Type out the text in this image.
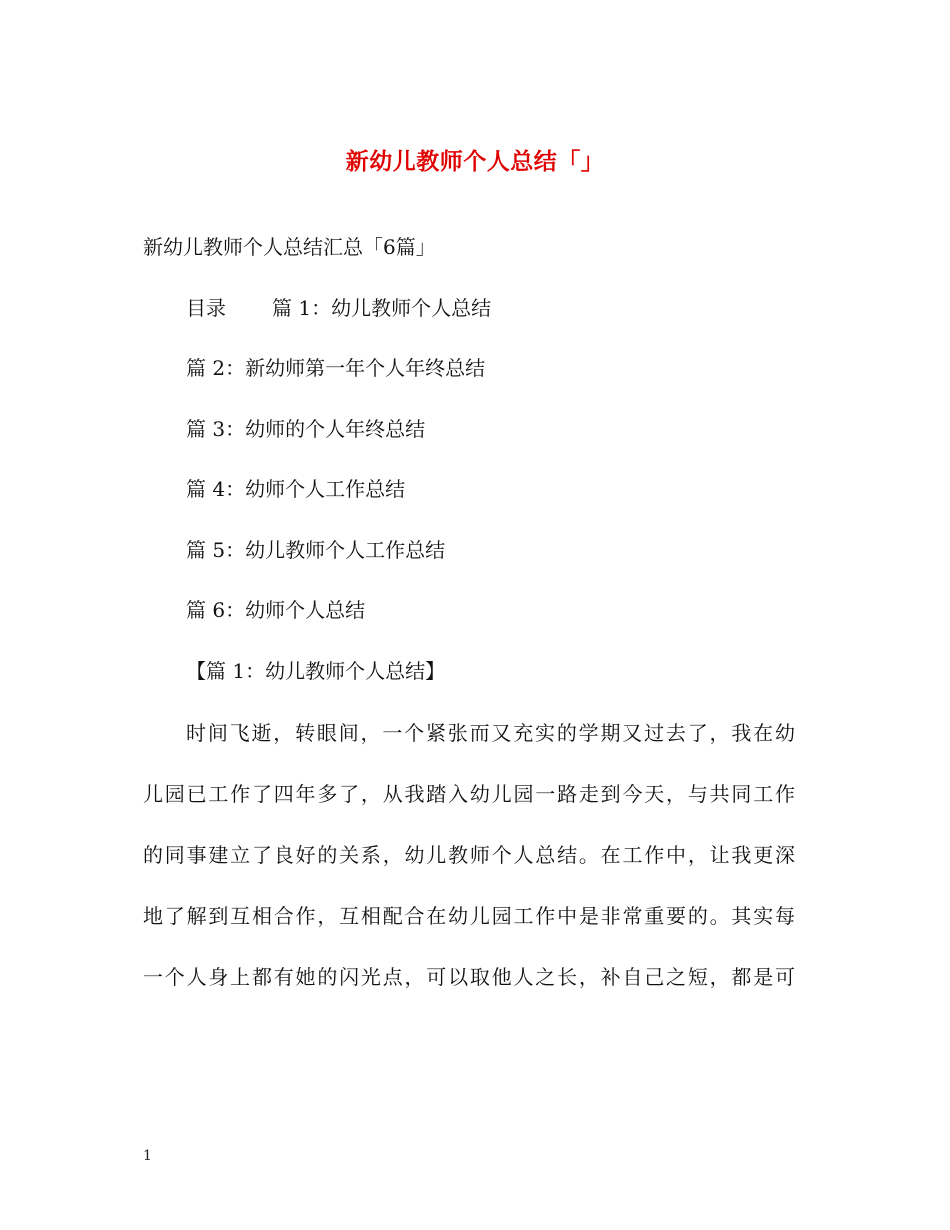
新幼儿教师个人总结「」
新幼儿教师个人总结汇总「6篇」
目录 篇 1：幼儿教师个人总结
篇 2：新幼师第一年个人年终总结
篇 3：幼师的个人年终总结
篇 4：幼师个人工作总结
篇 5：幼儿教师个人工作总结
篇 6：幼师个人总结
【篇 1：幼儿教师个人总结】
时间飞逝，转眼间，一个紧张而又充实的学期又过去了，我在幼
儿园已工作了四年多了，从我踏入幼儿园一路走到今天，与共同工作
的同事建立了良好的关系，幼儿教师个人总结。在工作中，让我更深
地了解到互相合作，互相配合在幼儿园工作中是非常重要的。其实每
一个人身上都有她的闪光点，可以取他人之长，补自己之短，都是可
1
